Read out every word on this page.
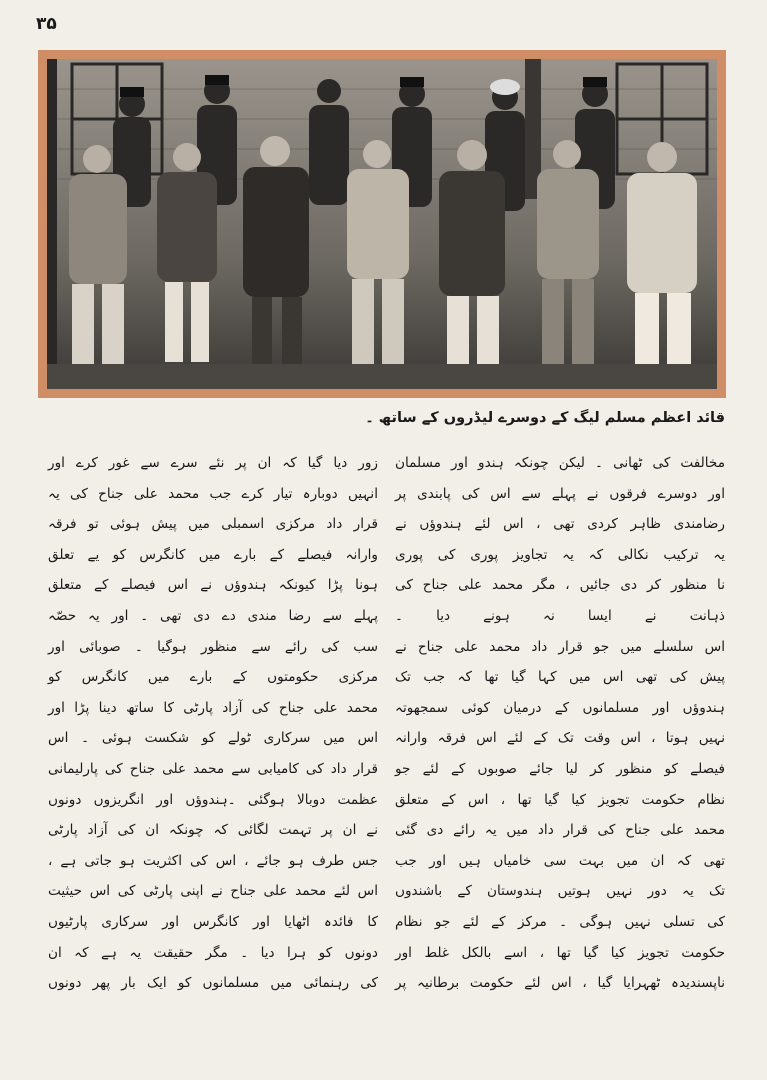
۳۵
قائد اعظم مسلم لیگ کے دوسرے لیڈروں کے ساتھ ۔
مخالفت کی ٹھانی ۔ لیکن چونکہ ہندو اور مسلمان
اور دوسرے فرقوں نے پہلے سے اس کی پابندی پر
رضامندی ظاہر کردی تھی ، اس لئے ہندوؤں نے
یہ ترکیب نکالی کہ یہ تجاویز پوری کی پوری
نا منظور کر دی جائیں ، مگر محمد علی جناح کی
ذہانت نے ایسا نہ ہونے دیا ۔
اس سلسلے میں جو قرار داد محمد علی جناح نے
پیش کی تھی اس میں کہا گیا تھا کہ جب تک
ہندوؤں اور مسلمانوں کے درمیان کوئی سمجھوتہ
نہیں ہوتا ، اس وقت تک کے لئے اس فرقہ وارانہ
فیصلے کو منظور کر لیا جائے صوبوں کے لئے جو
نظام حکومت تجویز کیا گیا تھا ، اس کے متعلق
محمد علی جناح کی قرار داد میں یہ رائے دی گئی
تھی کہ ان میں بہت سی خامیاں ہیں اور جب
تک یہ دور نہیں ہوتیں ہندوستان کے باشندوں
کی تسلی نہیں ہوگی ۔ مرکز کے لئے جو نظام
حکومت تجویز کیا گیا تھا ، اسے بالکل غلط اور
ناپسندیدہ ٹھہرایا گیا ، اس لئے حکومت برطانیہ پر
زور دیا گیا کہ ان پر نئے سرے سے غور کرے اور
انہیں دوبارہ تیار کرے جب محمد علی جناح کی یہ
قرار داد مرکزی اسمبلی میں پیش ہوئی تو فرقہ
وارانہ فیصلے کے بارے میں کانگرس کو یے تعلق
ہونا پڑا کیونکہ ہندوؤں نے اس فیصلے کے متعلق
پہلے سے رضا مندی دے دی تھی ۔ اور یہ حصّہ
سب کی رائے سے منظور ہوگیا ۔ صوبائی اور
مرکزی حکومتوں کے بارے میں کانگرس کو
محمد علی جناح کی آزاد پارٹی کا ساتھ دینا پڑا اور
اس میں سرکاری ٹولے کو شکست ہوئی ۔ اس
قرار داد کی کامیابی سے محمد علی جناح کی پارلیمانی
عظمت دوبالا ہوگئی ۔ہندوؤں اور انگریزوں دونوں
نے ان پر تہمت لگائی کہ چونکہ ان کی آزاد پارٹی
جس طرف ہو جائے ، اس کی اکثریت ہو جاتی ہے ،
اس لئے محمد علی جناح نے اپنی پارٹی کی اس حیثیت
کا فائدہ اٹھایا اور کانگرس اور سرکاری پارٹیوں
دونوں کو ہرا دیا ۔ مگر حقیقت یہ ہے کہ ان
کی رہنمائی میں مسلمانوں کو ایک بار پھر دونوں
